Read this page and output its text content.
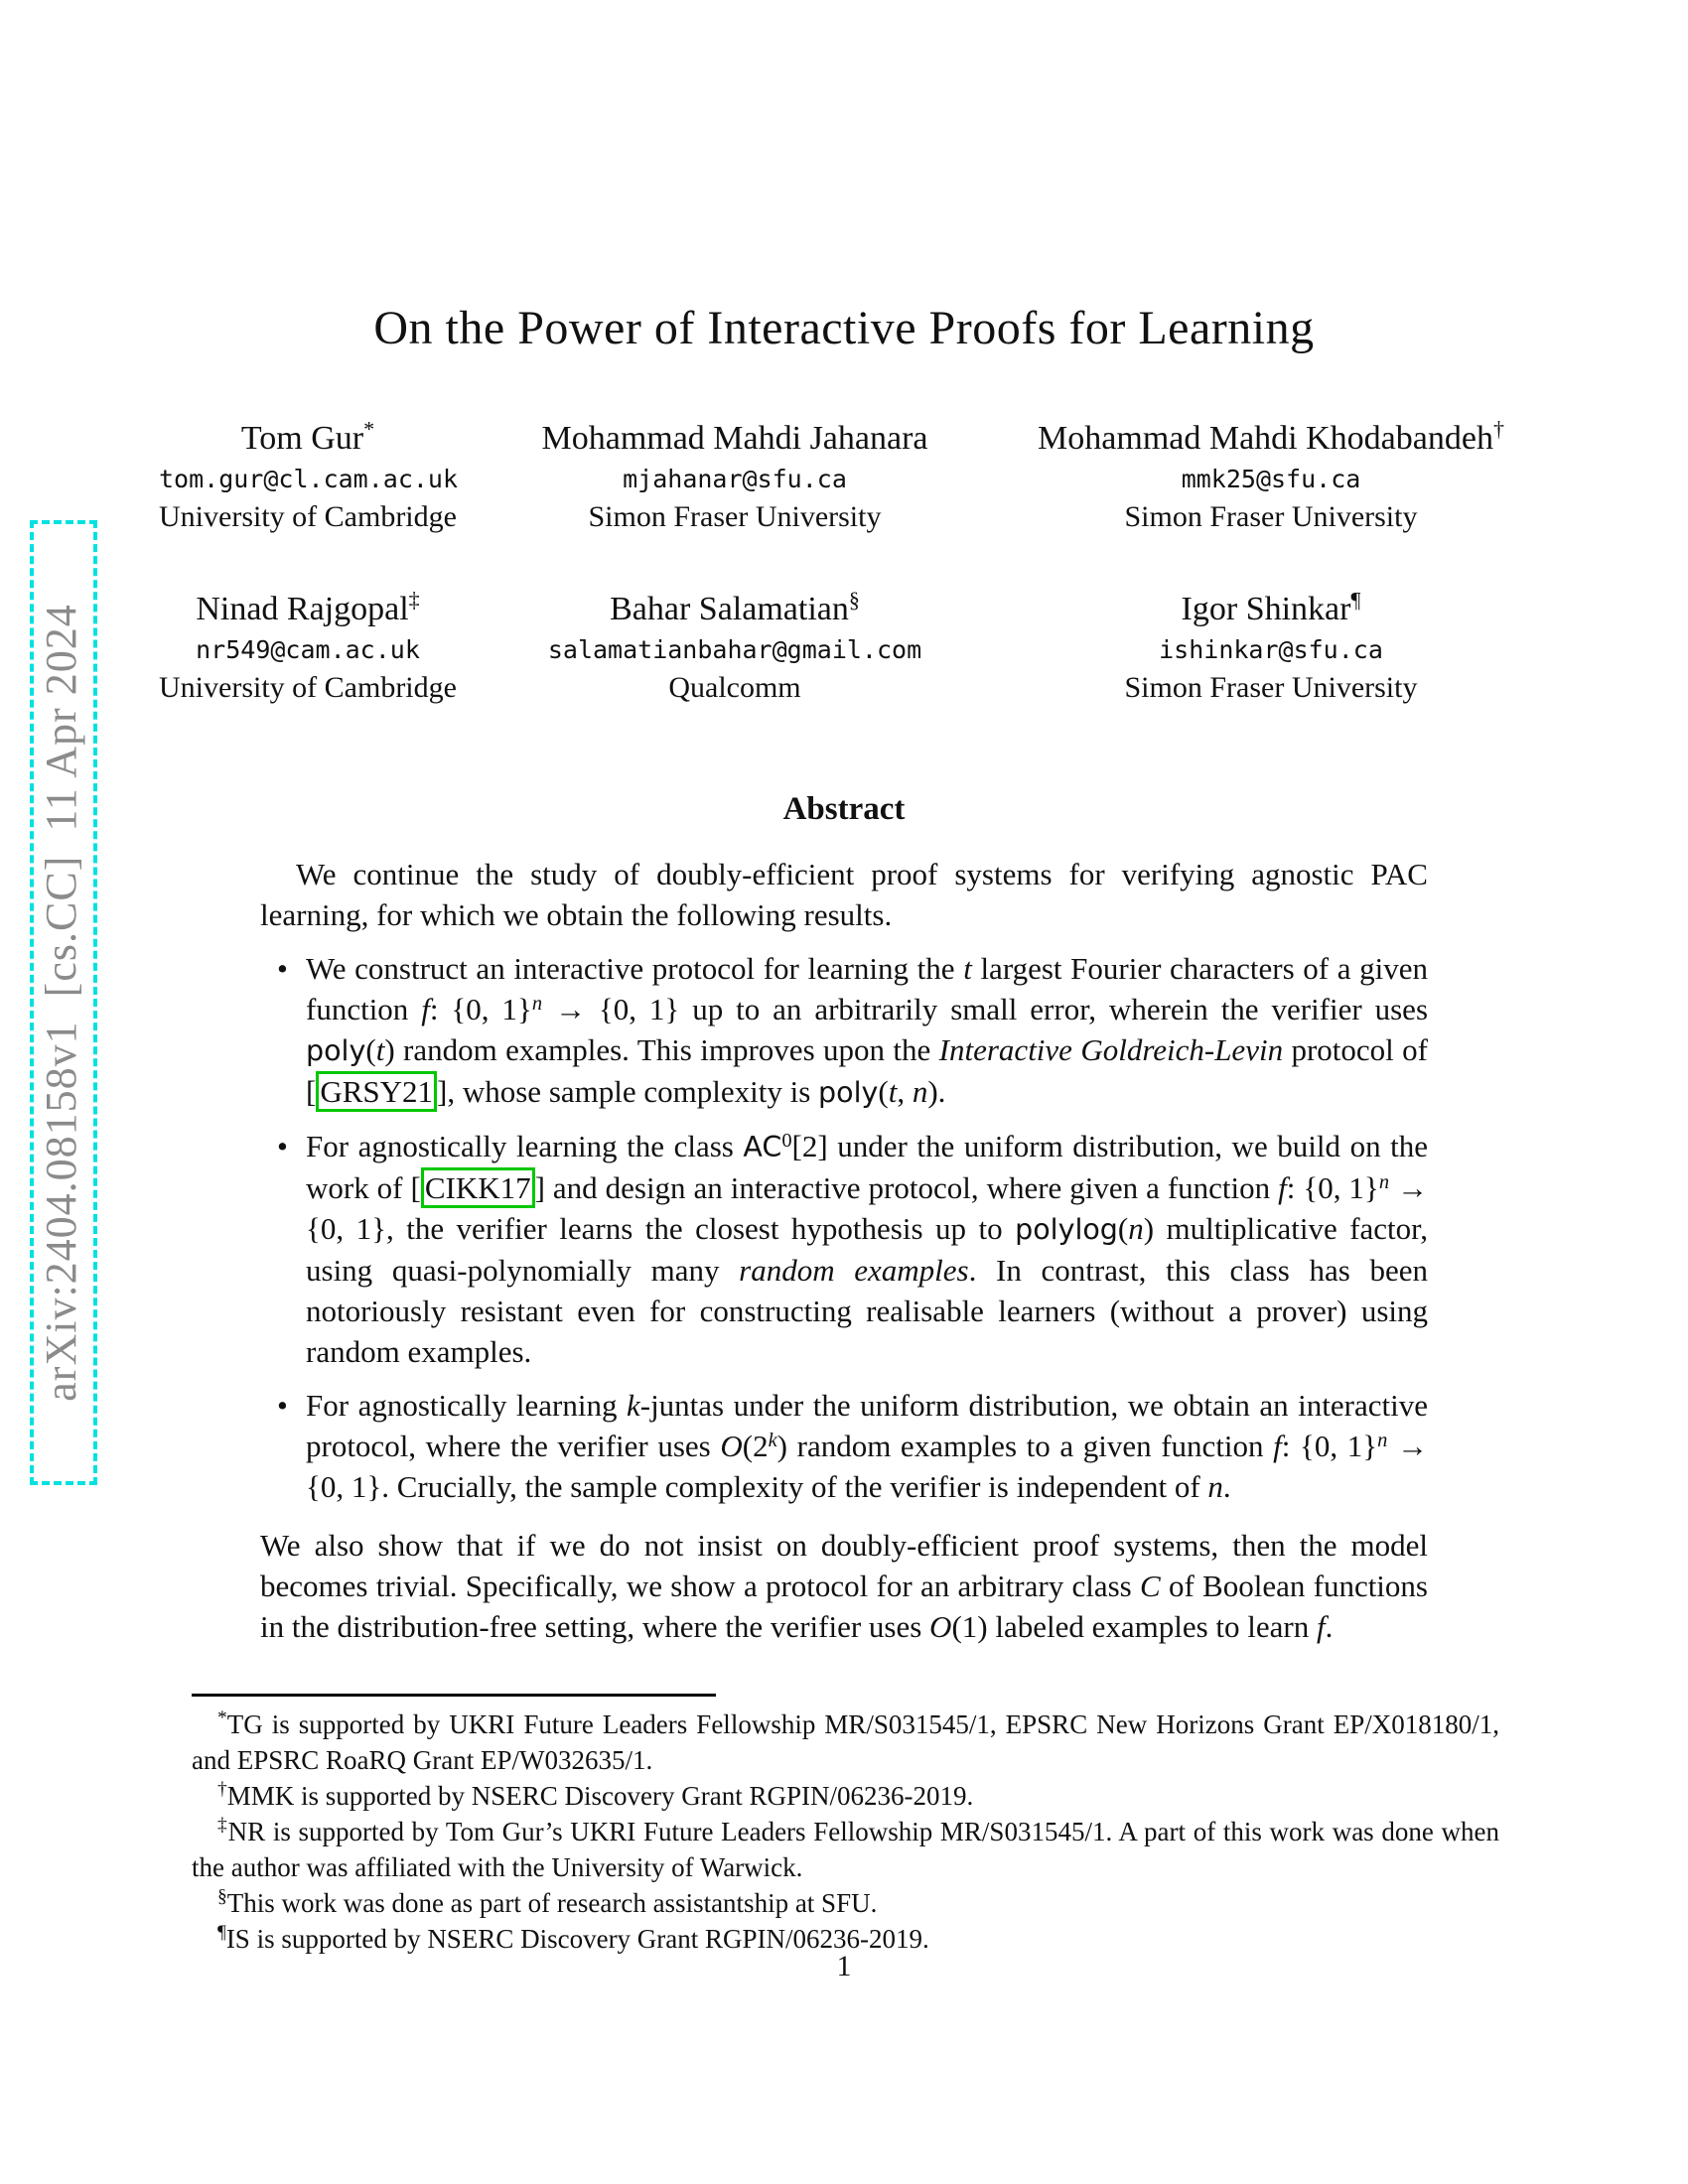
arXiv:2404.08158v1  [cs.CC]  11 Apr 2024
On the Power of Interactive Proofs for Learning
Tom Gur*
tom.gur@cl.cam.ac.uk
University of Cambridge
Mohammad Mahdi Jahanara
mjahanar@sfu.ca
Simon Fraser University
Mohammad Mahdi Khodabandeh†
mmk25@sfu.ca
Simon Fraser University
Ninad Rajgopal‡
nr549@cam.ac.uk
University of Cambridge
Bahar Salamatian§
salamatianbahar@gmail.com
Qualcomm
Igor Shinkar¶
ishinkar@sfu.ca
Simon Fraser University
Abstract

We continue the study of doubly-efficient proof systems for verifying agnostic PAC learning, for which we obtain the following results.

• We construct an interactive protocol for learning the t largest Fourier characters of a given function f: {0, 1}$^n$ → {0, 1} up to an arbitrarily small error, wherein the verifier uses poly(t) random examples. This improves upon the Interactive Goldreich-Levin protocol of [ GRSY21 ], whose sample complexity is poly(t, n).
• For agnostically learning the class $AC^0[2]$ under the uniform distribution, we build on the work of [ CIKK17 ] and design an interactive protocol, where given a function f: {0, 1}$^n$ → {0, 1}, the verifier learns the closest hypothesis up to polylog(n) multiplicative factor, using quasi-polynomially many random examples. In contrast, this class has been notoriously resistant even for constructing realisable learners (without a prover) using random examples.
• For agnostically learning k-juntas under the uniform distribution, we obtain an interactive protocol, where the verifier uses O(2$^k$) random examples to a given function f: {0, 1}$^n$ → {0, 1}. Crucially, the sample complexity of the verifier is independent of n.

We also show that if we do not insist on doubly-efficient proof systems, then the model becomes trivial. Specifically, we show a protocol for an arbitrary class C of Boolean functions in the distribution-free setting, where the verifier uses O(1) labeled examples to learn f.

*TG is supported by UKRI Future Leaders Fellowship MR/S031545/1, EPSRC New Horizons Grant EP/X018180/1, and EPSRC RoaRQ Grant EP/W032635/1.

†MMK is supported by NSERC Discovery Grant RGPIN/06236-2019.

‡NR is supported by Tom Gur’s UKRI Future Leaders Fellowship MR/S031545/1. A part of this work was done when the author was affiliated with the University of Warwick.

§This work was done as part of research assistantship at SFU.

¶IS is supported by NSERC Discovery Grant RGPIN/06236-2019.

1
